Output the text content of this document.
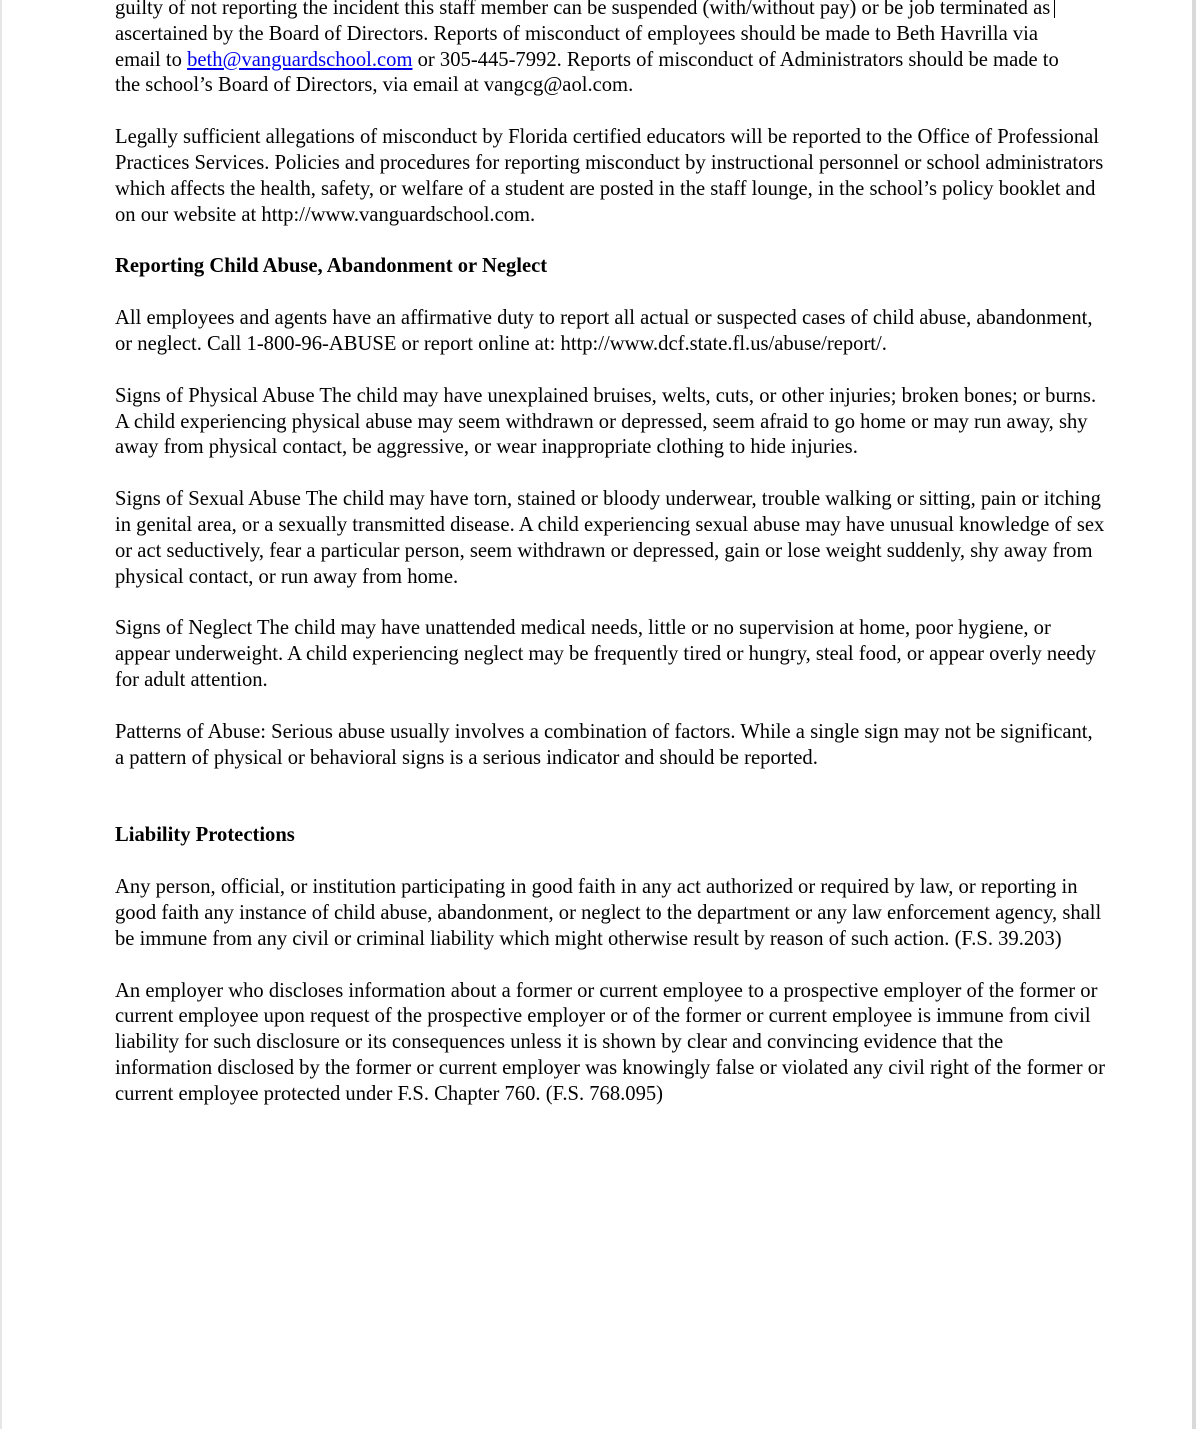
guilty of not reporting the incident this staff member can be suspended (with/without pay) or be job terminated as
ascertained by the Board of Directors. Reports of misconduct of employees should be made to Beth Havrilla via
email to beth@vanguardschool.com or 305-445-7992. Reports of misconduct of Administrators should be made to
the school’s Board of Directors, via email at vangcg@aol.com.

Legally sufficient allegations of misconduct by Florida certified educators will be reported to the Office of Professional Practices Services. Policies and procedures for reporting misconduct by instructional personnel or school administrators which affects the health, safety, or welfare of a student are posted in the staff lounge, in the school’s policy booklet and on our website at http://www.vanguardschool.com.

Reporting Child Abuse, Abandonment or Neglect

All employees and agents have an affirmative duty to report all actual or suspected cases of child abuse, abandonment, or neglect. Call 1-800-96-ABUSE or report online at: http://www.dcf.state.fl.us/abuse/report/.

Signs of Physical Abuse The child may have unexplained bruises, welts, cuts, or other injuries; broken bones; or burns. A child experiencing physical abuse may seem withdrawn or depressed, seem afraid to go home or may run away, shy away from physical contact, be aggressive, or wear inappropriate clothing to hide injuries.

Signs of Sexual Abuse The child may have torn, stained or bloody underwear, trouble walking or sitting, pain or itching in genital area, or a sexually transmitted disease. A child experiencing sexual abuse may have unusual knowledge of sex or act seductively, fear a particular person, seem withdrawn or depressed, gain or lose weight suddenly, shy away from physical contact, or run away from home.

Signs of Neglect The child may have unattended medical needs, little or no supervision at home, poor hygiene, or appear underweight. A child experiencing neglect may be frequently tired or hungry, steal food, or appear overly needy for adult attention.

Patterns of Abuse: Serious abuse usually involves a combination of factors. While a single sign may not be significant, a pattern of physical or behavioral signs is a serious indicator and should be reported.

Liability Protections

Any person, official, or institution participating in good faith in any act authorized or required by law, or reporting in good faith any instance of child abuse, abandonment, or neglect to the department or any law enforcement agency, shall be immune from any civil or criminal liability which might otherwise result by reason of such action. (F.S. 39.203)

An employer who discloses information about a former or current employee to a prospective employer of the former or current employee upon request of the prospective employer or of the former or current employee is immune from civil liability for such disclosure or its consequences unless it is shown by clear and convincing evidence that the information disclosed by the former or current employer was knowingly false or violated any civil right of the former or current employee protected under F.S. Chapter 760. (F.S. 768.095)
